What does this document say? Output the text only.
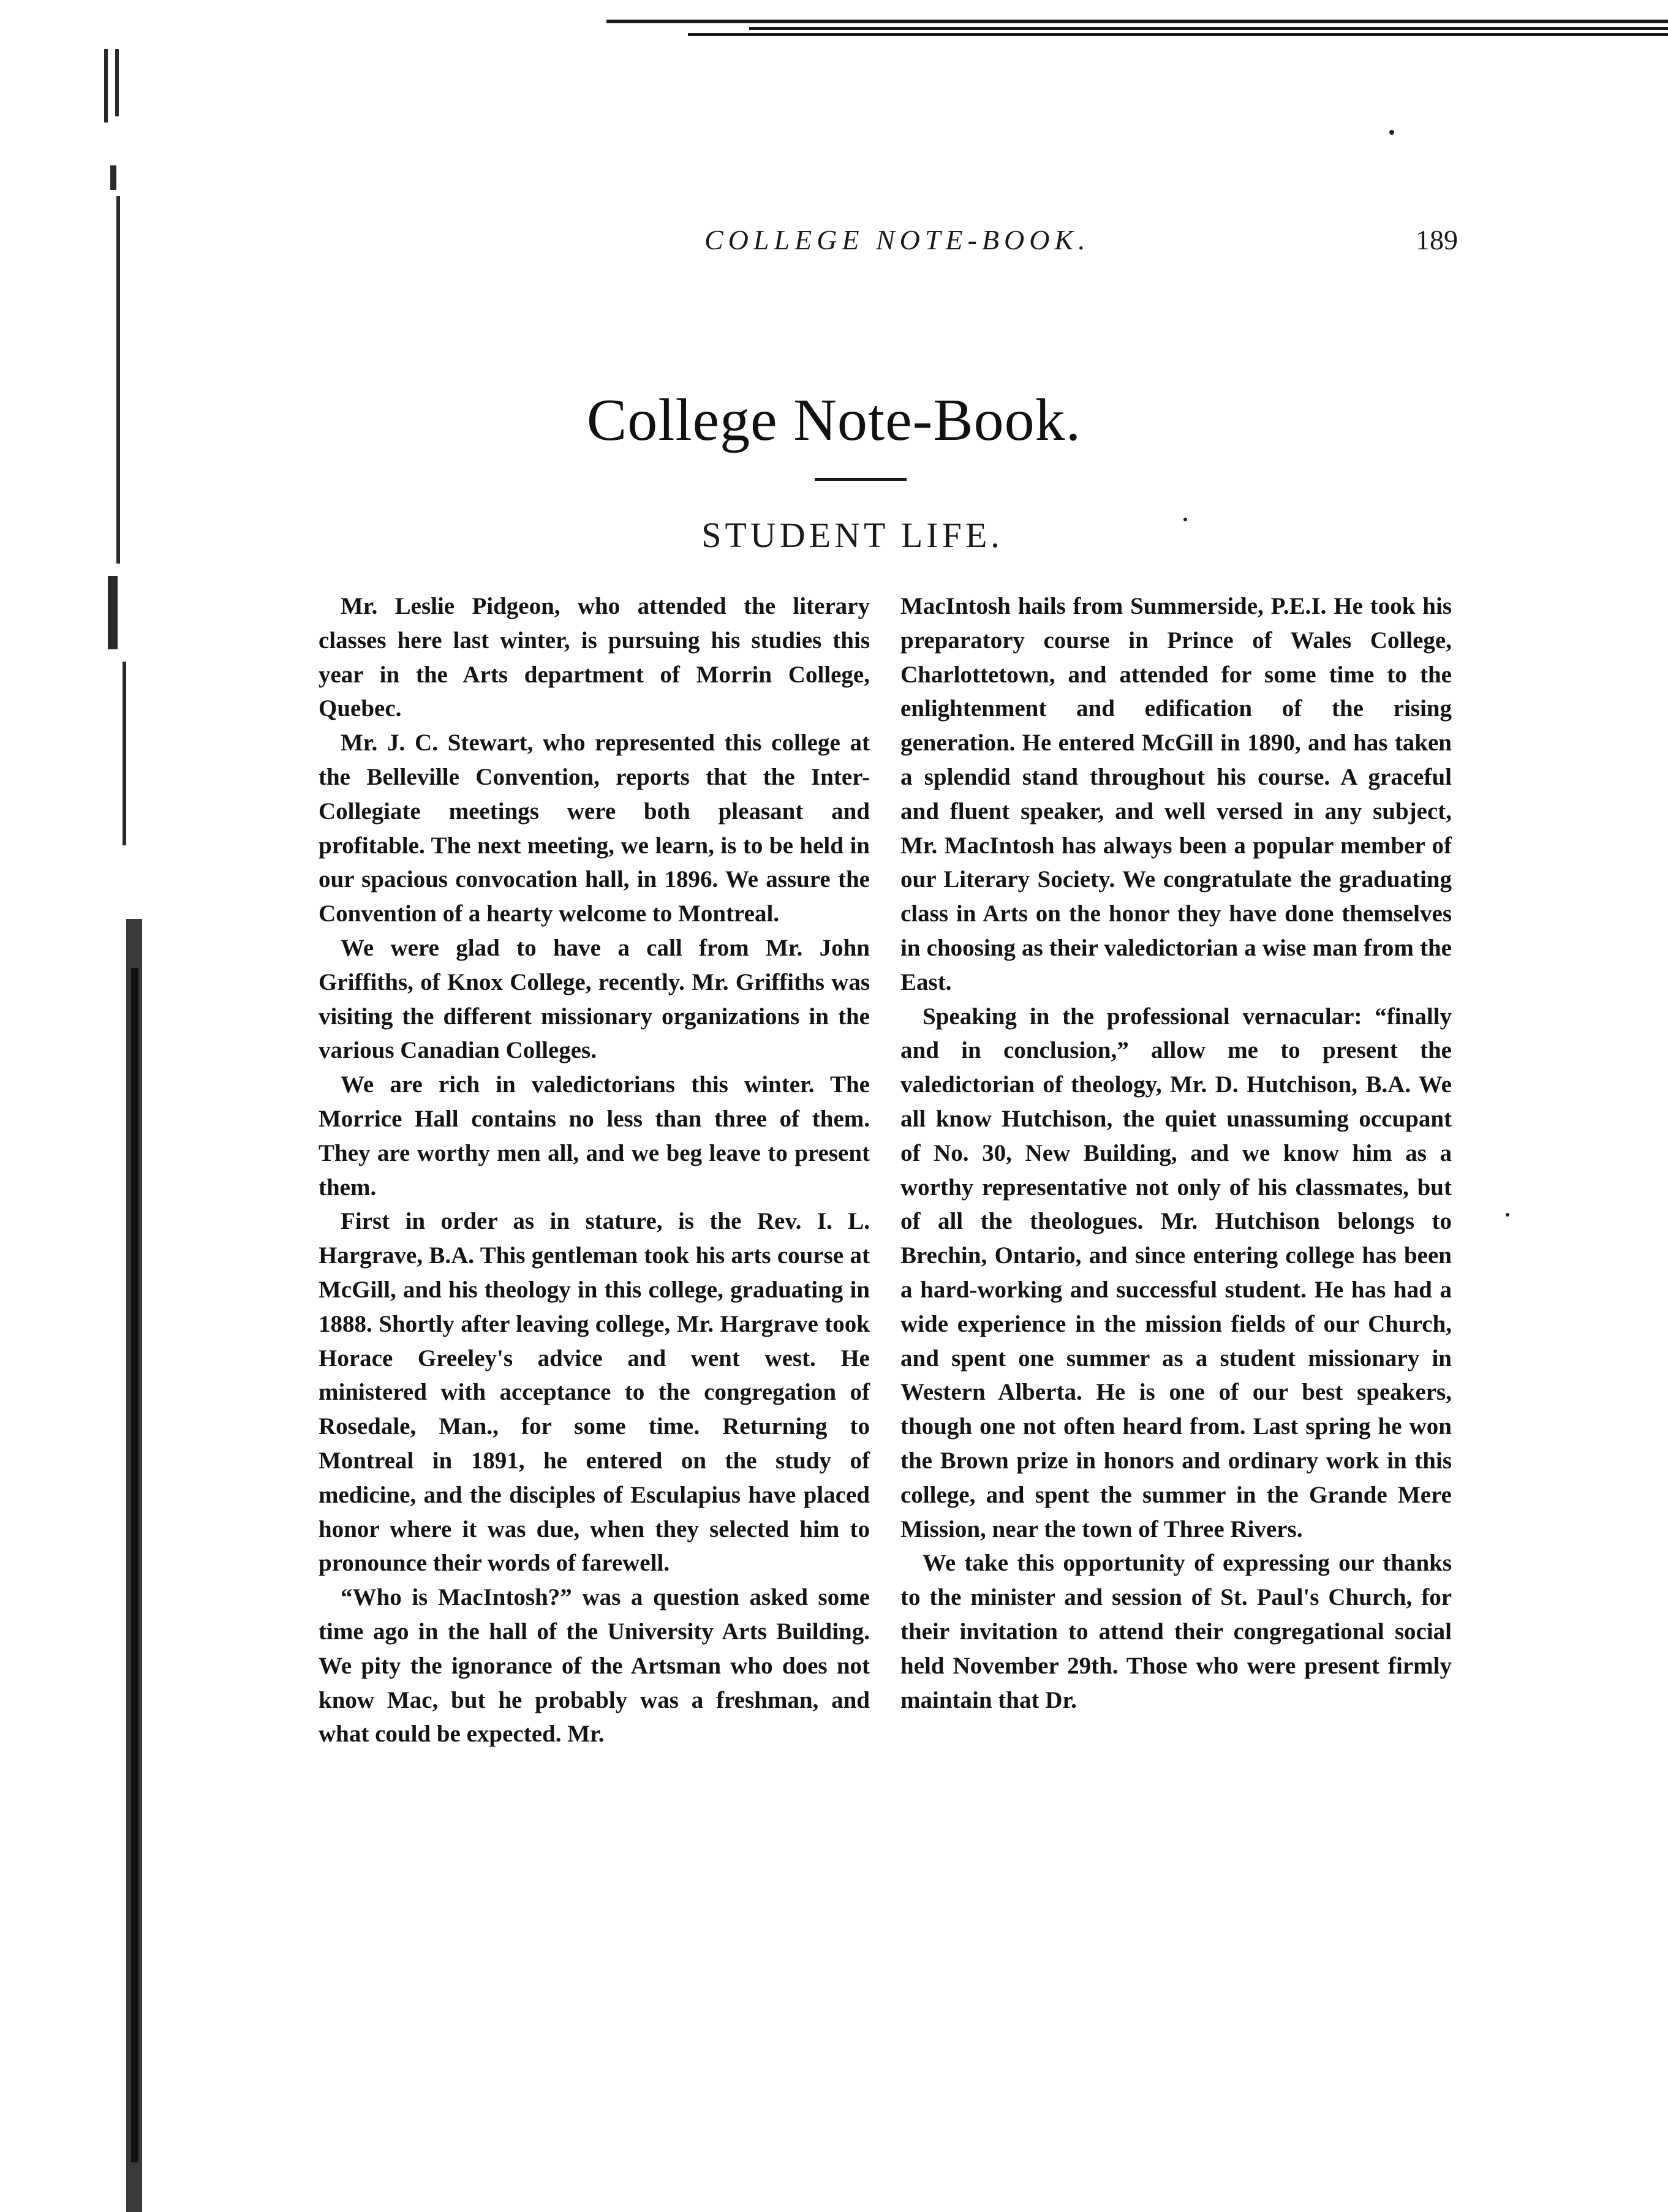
COLLEGE NOTE-BOOK.	189
College Note-Book.
STUDENT LIFE.

Mr. Leslie Pidgeon, who attended the literary classes here last winter, is pursuing his studies this year in the Arts department of Morrin College, Quebec.

Mr. J. C. Stewart, who represented this college at the Belleville Convention, reports that the Inter-Collegiate meetings were both pleasant and profitable. The next meeting, we learn, is to be held in our spacious convocation hall, in 1896. We assure the Convention of a hearty welcome to Montreal.

We were glad to have a call from Mr. John Griffiths, of Knox College, recently. Mr. Griffiths was visiting the different missionary organizations in the various Canadian Colleges.

We are rich in valedictorians this winter. The Morrice Hall contains no less than three of them. They are worthy men all, and we beg leave to present them.

First in order as in stature, is the Rev. I. L. Hargrave, B.A. This gentleman took his arts course at McGill, and his theology in this college, graduating in 1888. Shortly after leaving college, Mr. Hargrave took Horace Greeley's advice and went west. He ministered with acceptance to the congregation of Rosedale, Man., for some time. Returning to Montreal in 1891, he entered on the study of medicine, and the disciples of Esculapius have placed honor where it was due, when they selected him to pronounce their words of farewell.

“Who is MacIntosh?” was a question asked some time ago in the hall of the University Arts Building. We pity the ignorance of the Artsman who does not know Mac, but he probably was a freshman, and what could be expected. Mr.

MacIntosh hails from Summerside, P.E.I. He took his preparatory course in Prince of Wales College, Charlottetown, and attended for some time to the enlightenment and edification of the rising generation. He entered McGill in 1890, and has taken a splendid stand throughout his course. A graceful and fluent speaker, and well versed in any subject, Mr. MacIntosh has always been a popular member of our Literary Society. We congratulate the graduating class in Arts on the honor they have done themselves in choosing as their valedictorian a wise man from the East.

Speaking in the professional vernacular: “finally and in conclusion,” allow me to present the valedictorian of theology, Mr. D. Hutchison, B.A. We all know Hutchison, the quiet unassuming occupant of No. 30, New Building, and we know him as a worthy representative not only of his classmates, but of all the theologues. Mr. Hutchison belongs to Brechin, Ontario, and since entering college has been a hard-working and successful student. He has had a wide experience in the mission fields of our Church, and spent one summer as a student missionary in Western Alberta. He is one of our best speakers, though one not often heard from. Last spring he won the Brown prize in honors and ordinary work in this college, and spent the summer in the Grande Mere Mission, near the town of Three Rivers.

We take this opportunity of expressing our thanks to the minister and session of St. Paul's Church, for their invitation to attend their congregational social held November 29th. Those who were present firmly maintain that Dr.
